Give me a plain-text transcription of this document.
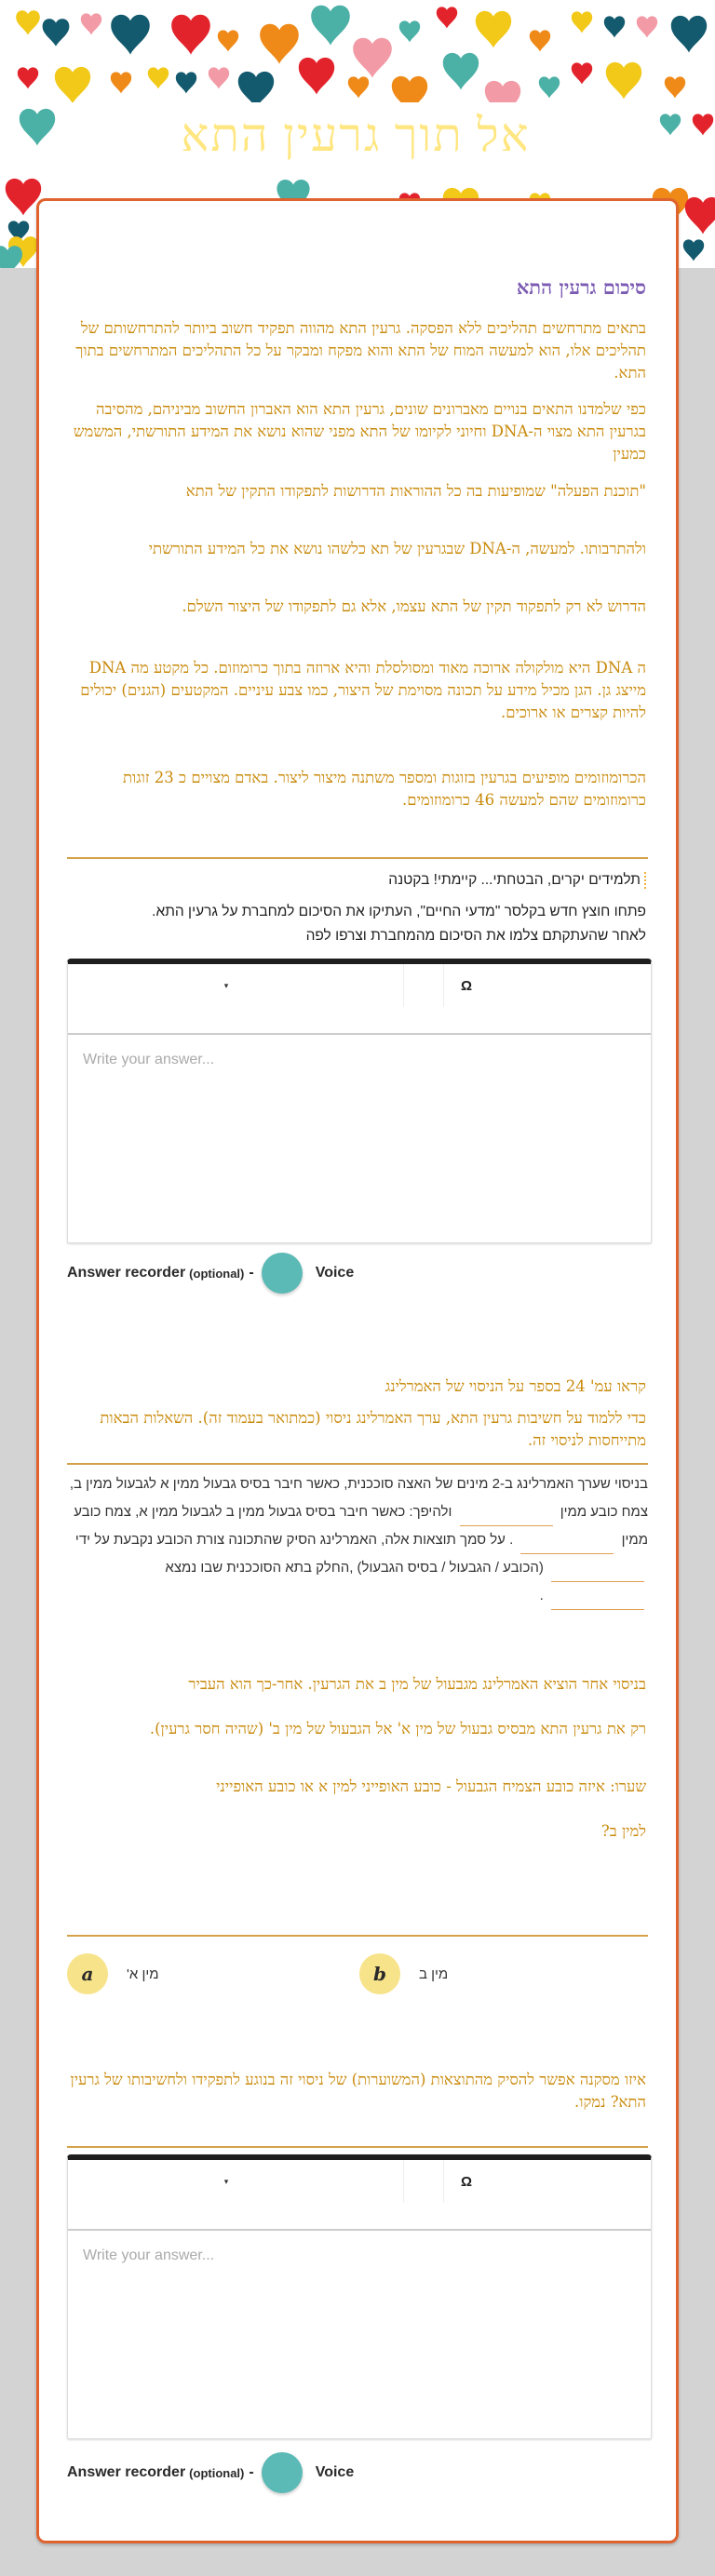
אל תוך גרעין התא
סיכום גרעין התא
בתאים מתרחשים תהליכים ללא הפסקה. גרעין התא מהווה תפקיד חשוב ביותר להתרחשותם של תהליכים אלו, הוא למעשה המוח של התא והוא מפקח ומבקר על כל התהליכים המתרחשים בתוך התא.
כפי שלמדנו התאים בנויים מאברונים שונים, גרעין התא הוא האברון החשוב מביניהם, מהסיבה בגרעין התא מצוי ה-DNA וחיוני לקיומו של התא מפני שהוא נושא את המידע התורשתי, המשמש כמעין
"תוכנת הפעלה" שמופיעות בה כל ההוראות הדרושות לתפקודו התקין של התא
ולהתרבותו. למעשה, ה-DNA שבגרעין של תא כלשהו נושא את כל המידע התורשתי
הדרוש לא רק לתפקוד תקין של התא עצמו, אלא גם לתפקודו של היצור השלם.
ה DNA היא מולקולה ארוכה מאוד ומסולסלת והיא ארוזה בתוך כרומוזום. כל מקטע מה DNA מייצג גן. הגן מכיל מידע על תכונה מסוימת של היצור, כמו צבע עיניים. המקטעים (הגנים) יכולים להיות קצרים או ארוכים.
הכרומוזומים מופיעים בגרעין בזוגות ומספר משתנה מיצור ליצור. באדם מצויים כ 23 זוגות כרומוזומים שהם למעשה 46 כרומוזומים.
תלמידים יקרים, הבטחתי... קיימתי! בקטנה
פתחו חוצץ חדש בקלסר "מדעי החיים", העתיקו את הסיכום למחברת על גרעין התא.
לאחר שהעתקתם צלמו את הסיכום מהמחברת וצרפו לפה
▾	Ω
Write your answer...
Answer recorder (optional) -	Voice
קראו עמ' 24 בספר על הניסוי של האמרלינג
כדי ללמוד על חשיבות גרעין התא, ערך האמרלינג ניסוי (כמתואר בעמוד זה). השאלות הבאות מתייחסות לניסוי זה.
בניסוי שערך האמרלינג ב-2 מינים של האצה סוככנית, כאשר חיבר בסיס גבעול ממין א לגבעול ממין ב, צמח כובע ממין  ולהיפך: כאשר חיבר בסיס גבעול ממין ב לגבעול ממין א, צמח כובע ממין  . על סמך תוצאות אלה, האמרלינג הסיק שהתכונה צורת הכובע נקבעת על ידי  (הכובע / הגבעול / בסיס הגבעול) ,החלק בתא הסוככנית שבו נמצא  .
בניסוי אחר הוציא האמרלינג מגבעול של מין ב את הגרעין. אחר-כך הוא העביר
רק את גרעין התא מבסיס גבעול של מין א' אל הגבעול של מין ב' (שהיה חסר גרעין).
שערו: איזה כובע הצמיח הגבעול - כובע האופייני למין א או כובע האופייני
למין ב?
a	מין א'	b	מין ב
איזו מסקנה אפשר להסיק מהתוצאות (המשוערות) של ניסוי זה בנוגע לתפקידו ולחשיבותו של גרעין התא? נמקו.
▾	Ω
Write your answer...
Answer recorder (optional) -	Voice
